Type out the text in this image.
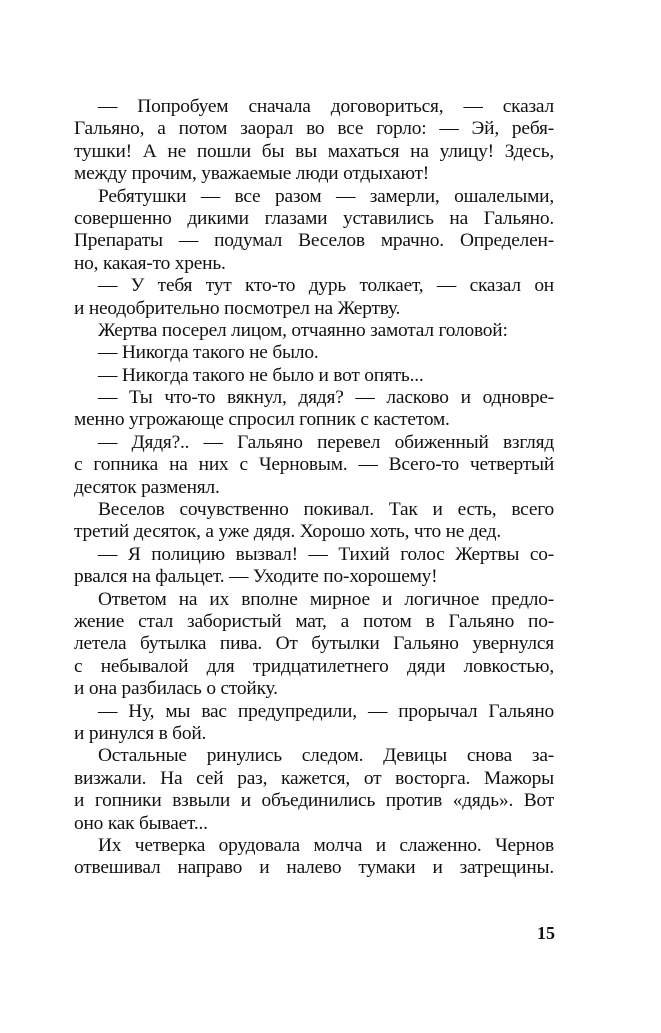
— Попробуем сначала договориться, — сказал
Гальяно, а потом заорал во все горло: — Эй, ребя-
тушки! А не пошли бы вы махаться на улицу! Здесь,
между прочим, уважаемые люди отдыхают!
Ребятушки — все разом — замерли, ошалелыми,
совершенно дикими глазами уставились на Гальяно.
Препараты — подумал Веселов мрачно. Определен-
но, какая-то хрень.
— У тебя тут кто-то дурь толкает, — сказал он
и неодобрительно посмотрел на Жертву.
Жертва посерел лицом, отчаянно замотал головой:
— Никогда такого не было.
— Никогда такого не было и вот опять...
— Ты что-то вякнул, дядя? — ласково и одновре-
менно угрожающе спросил гопник с кастетом.
— Дядя?.. — Гальяно перевел обиженный взгляд
с гопника на них с Черновым. — Всего-то четвертый
десяток разменял.
Веселов сочувственно покивал. Так и есть, всего
третий десяток, а уже дядя. Хорошо хоть, что не дед.
— Я полицию вызвал! — Тихий голос Жертвы со-
рвался на фальцет. — Уходите по-хорошему!
Ответом на их вполне мирное и логичное предло-
жение стал забористый мат, а потом в Гальяно по-
летела бутылка пива. От бутылки Гальяно увернулся
с небывалой для тридцатилетнего дяди ловкостью,
и она разбилась о стойку.
— Ну, мы вас предупредили, — прорычал Гальяно
и ринулся в бой.
Остальные ринулись следом. Девицы снова за-
визжали. На сей раз, кажется, от восторга. Мажоры
и гопники взвыли и объединились против «дядь». Вот
оно как бывает...
Их четверка орудовала молча и слаженно. Чернов
отвешивал направо и налево тумаки и затрещины.
15
